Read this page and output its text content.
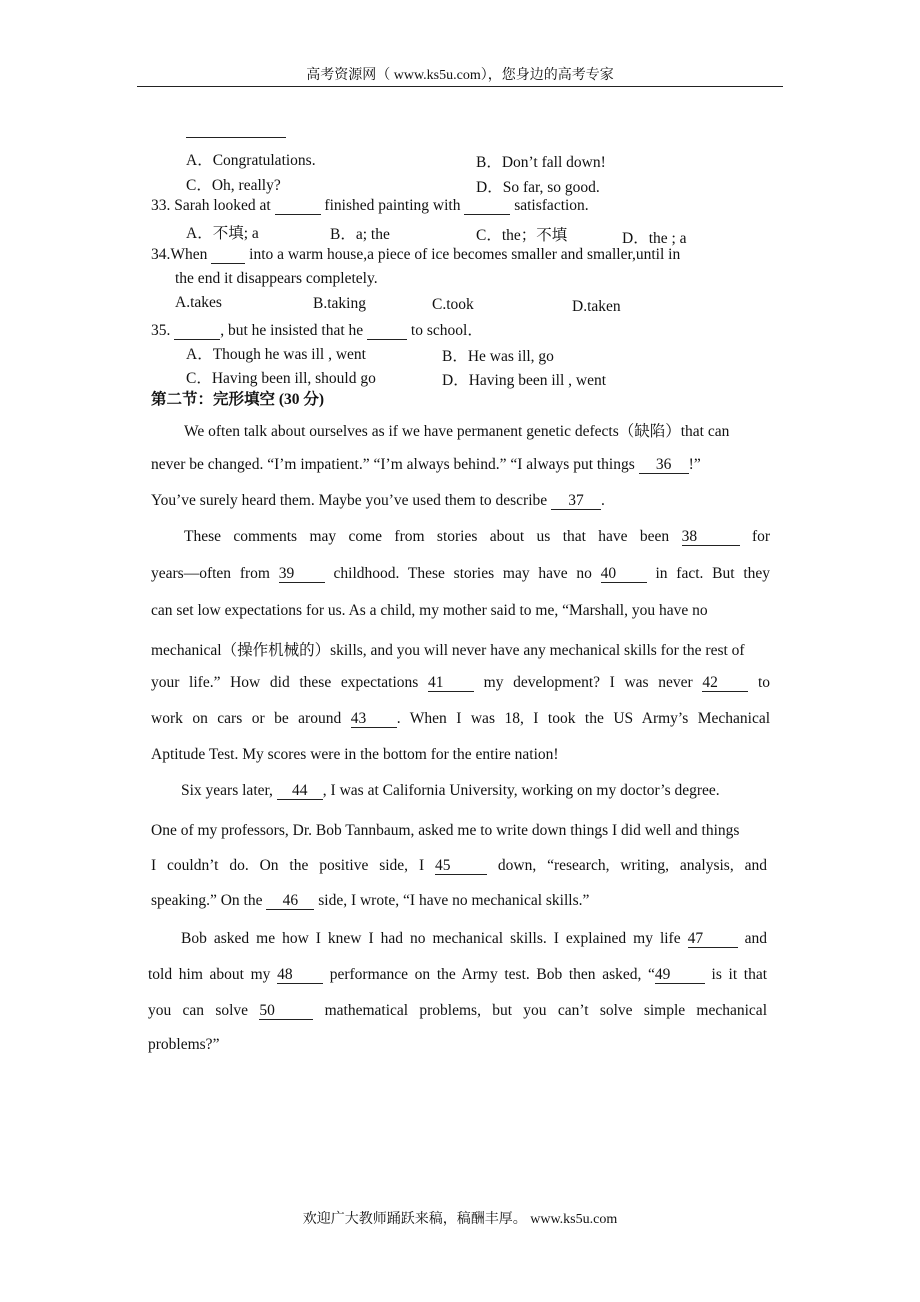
高考资源网（ www.ks5u.com），您身边的高考专家
A．Congratulations.	B．Don’t fall down!
C．Oh, really?	D．So far, so good.
33. Sarah looked at	finished painting with	satisfaction.
A．不填; a	B．a; the	C．the；不填	D．the ; a
34.When	into a warm house,a piece of ice becomes smaller and smaller,until in
the end it disappears completely.
A.takes	B.taking	C.took	D.taken
35.	, but he insisted that he	to school．
A．Though he was ill , went	B．He was ill, go
C．Having been ill, should go	D．Having been ill , went
第二节：完形填空 (30 分)
We often talk about ourselves as if we have permanent genetic defects（缺陷）that can
never be changed. “I’m impatient.” “I’m always behind.” “I always put things 36 !”
You’ve surely heard them. Maybe you’ve used them to describe 37 .
These comments may come from stories about us that have been 38	for
years—often from 39	childhood. These stories may have no 40	in fact. But they
can set low expectations for us. As a child, my mother said to me, “Marshall, you have no
mechanical（操作机械的）skills, and you will never have any mechanical skills for the rest of
your life.” How did these expectations 41	my development? I was never 42	to
work on cars or be around 43 . When I was 18, I took the US Army’s Mechanical
Aptitude Test. My scores were in the bottom for the entire nation!
Six years later, 44 , I was at California University, working on my doctor’s degree.
One of my professors, Dr. Bob Tannbaum, asked me to write down things I did well and things
I couldn’t do. On the positive side, I 45	down, “research, writing, analysis, and
speaking.” On the 46 side, I wrote, “I have no mechanical skills.”
Bob asked me how I knew I had no mechanical skills. I explained my life 47	and
told him about my 48 performance on the Army test. Bob then asked, “49	is it that
you can solve 50	mathematical problems, but you can’t solve simple mechanical
problems?”
欢迎广大教师踊跃来稿，稿酬丰厚。 www.ks5u.com
